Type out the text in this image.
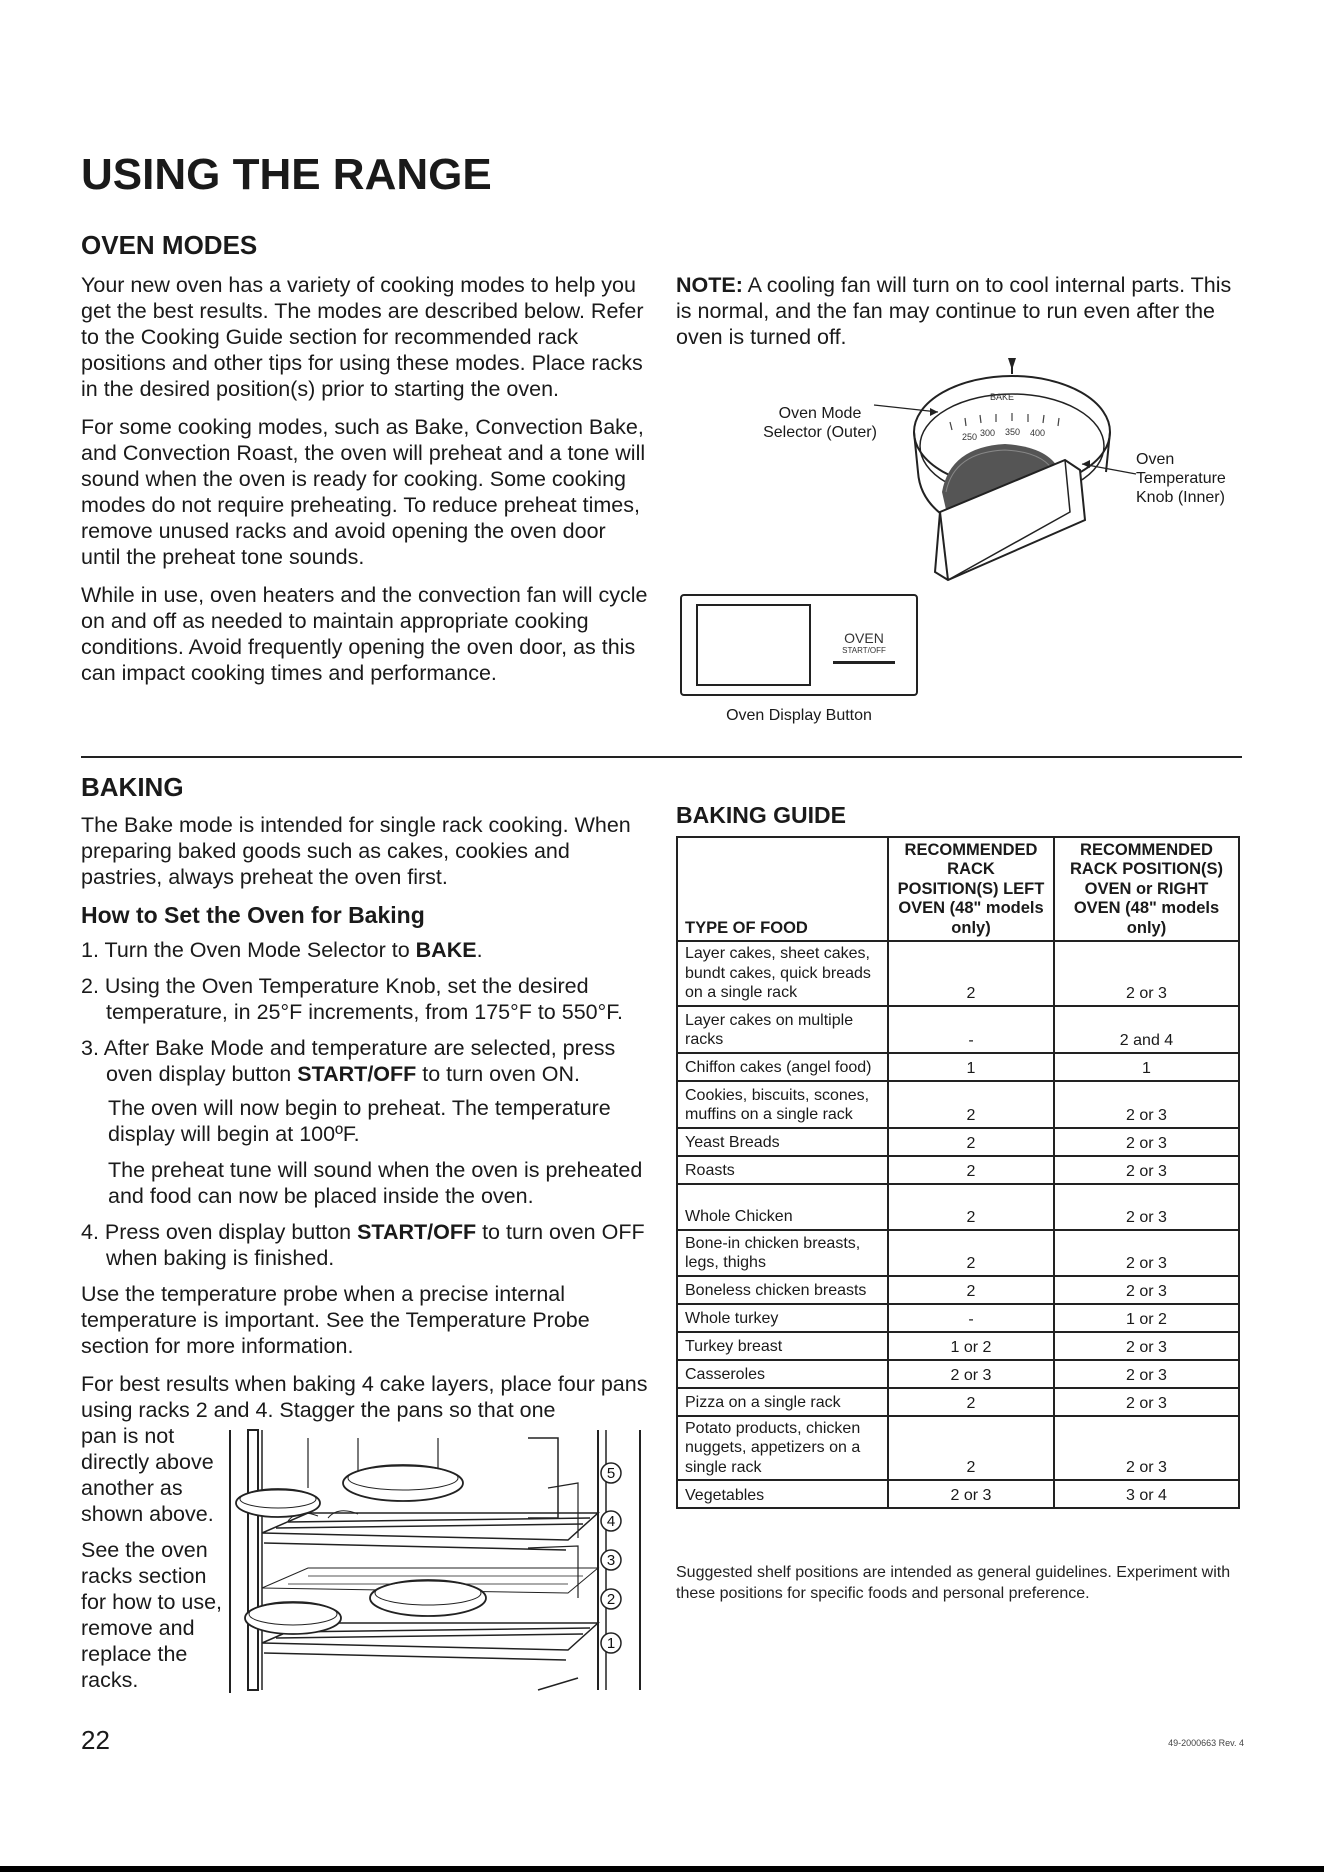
USING THE RANGE
OVEN MODES

Your new oven has a variety of cooking modes to help you get the best results. The modes are described below. Refer to the Cooking Guide section for recommended rack positions and other tips for using these modes. Place racks in the desired position(s) prior to starting the oven.

For some cooking modes, such as Bake, Convection Bake, and Convection Roast, the oven will preheat and a tone will sound when the oven is ready for cooking. Some cooking modes do not require preheating. To reduce preheat times, remove unused racks and avoid opening the oven door until the preheat tone sounds.

While in use, oven heaters and the convection fan will cycle on and off as needed to maintain appropriate cooking conditions. Avoid frequently opening the oven door, as this can impact cooking times and performance.

NOTE: A cooling fan will turn on to cool internal parts. This is normal, and the fan may continue to run even after the oven is turned off.

Oven Mode Selector (Outer)
Oven Temperature Knob (Inner)
BAKE
250 300 350 400
OVEN
START/OFF
Oven Display Button
BAKING

The Bake mode is intended for single rack cooking. When preparing baked goods such as cakes, cookies and pastries, always preheat the oven first.

How to Set the Oven for Baking
1. Turn the Oven Mode Selector to BAKE.
2. Using the Oven Temperature Knob, set the desired temperature, in 25°F increments, from 175°F to 550°F.
3. After Bake Mode and temperature are selected, press oven display button START/OFF to turn oven ON.

The oven will now begin to preheat. The temperature display will begin at 100ºF.

The preheat tune will sound when the oven is preheated and food can now be placed inside the oven.

4. Press oven display button START/OFF to turn oven OFF when baking is finished.

Use the temperature probe when a precise internal temperature is important. See the Temperature Probe section for more information.

For best results when baking 4 cake layers, place four pans using racks 2 and 4. Stagger the pans so that one

pan is not directly above another as shown above.

See the oven racks section for how to use, remove and replace the racks.

5
4
3
2
1
BAKING GUIDE
TYPE OF FOOD	RECOMMENDED RACK POSITION(S) LEFT OVEN (48" models only)	RECOMMENDED RACK POSITION(S) OVEN or RIGHT OVEN (48" models only)
Layer cakes, sheet cakes, bundt cakes, quick breads on a single rack	2	2 or 3
Layer cakes on multiple racks	-	2 and 4
Chiffon cakes (angel food)	1	1
Cookies, biscuits, scones, muffins on a single rack	2	2 or 3
Yeast Breads	2	2 or 3
Roasts	2	2 or 3
Whole Chicken	2	2 or 3
Bone-in chicken breasts, legs, thighs	2	2 or 3
Boneless chicken breasts	2	2 or 3
Whole turkey	-	1 or 2
Turkey breast	1 or 2	2 or 3
Casseroles	2 or 3	2 or 3
Pizza on a single rack	2	2 or 3
Potato products, chicken nuggets, appetizers on a single rack	2	2 or 3
Vegetables	2 or 3	3 or 4

Suggested shelf positions are intended as general guidelines. Experiment with these positions for specific foods and personal preference.

22	49-2000663 Rev. 4
